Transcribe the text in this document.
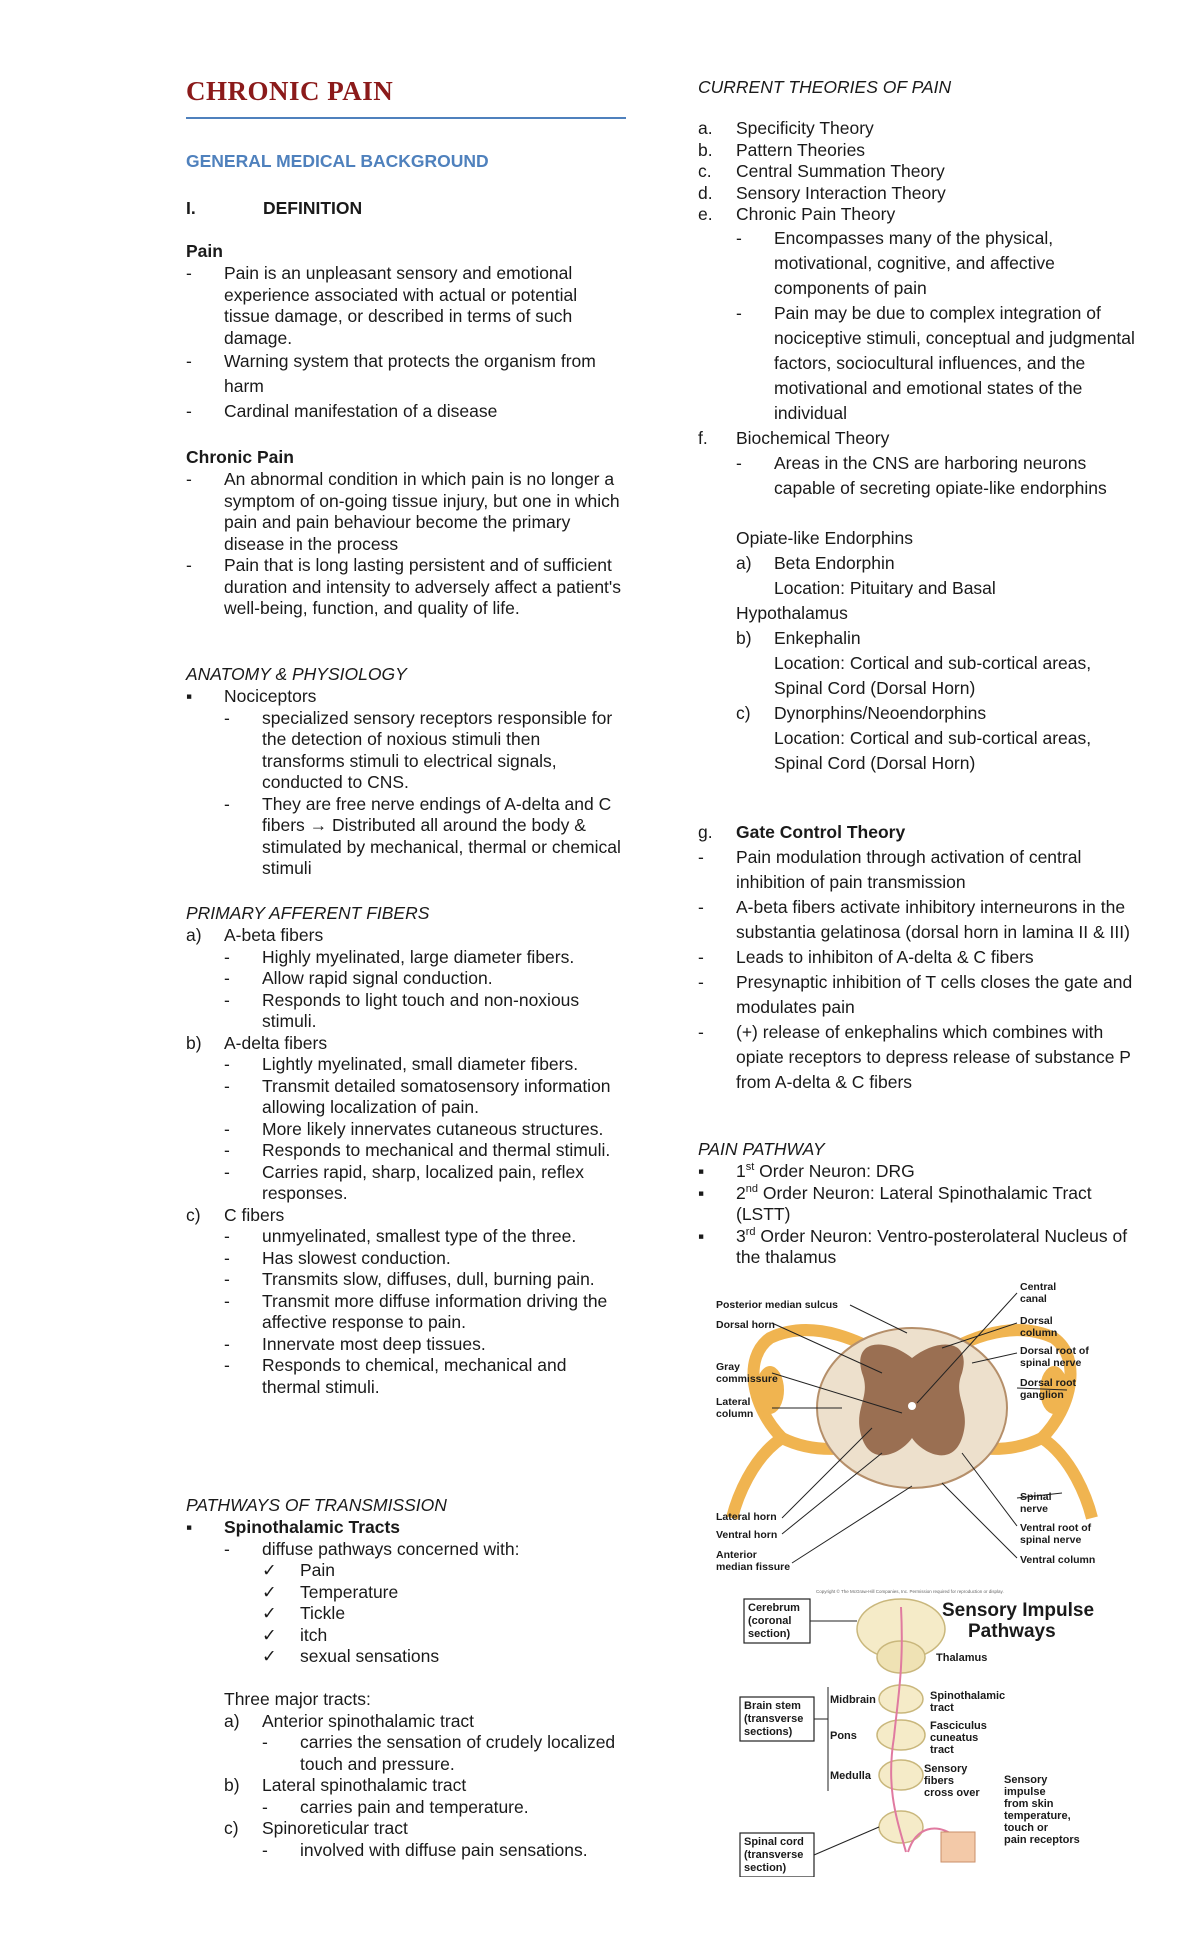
CHRONIC PAIN
GENERAL MEDICAL BACKGROUND
I.	DEFINITION
Pain
-	Pain is an unpleasant sensory and emotional experience associated with actual or potential tissue damage, or described in terms of such damage.
-	Warning system that protects the organism from harm
-	Cardinal manifestation of a disease
Chronic Pain
-	An abnormal condition in which pain is no longer a symptom of on-going tissue injury, but one in which pain and pain behaviour become the primary disease in the process
-	Pain that is long lasting persistent and of sufficient duration and intensity to adversely affect a patient's well-being, function, and quality of life.
ANATOMY & PHYSIOLOGY
▪	Nociceptors
-	specialized sensory receptors responsible for the detection of noxious stimuli then transforms stimuli to electrical signals, conducted to CNS.
-	They are free nerve endings of A-delta and C fibers → Distributed all around the body & stimulated by mechanical, thermal or chemical stimuli
PRIMARY AFFERENT FIBERS
a)	A-beta fibers
-	Highly myelinated, large diameter fibers.
-	Allow rapid signal conduction.
-	Responds to light touch and non-noxious stimuli.
b)	A-delta fibers
-	Lightly myelinated, small diameter fibers.
-	Transmit detailed somatosensory information allowing localization of pain.
-	More likely innervates cutaneous structures.
-	Responds to mechanical and thermal stimuli.
-	Carries rapid, sharp, localized pain, reflex responses.
c)	C fibers
-	unmyelinated, smallest type of the three.
-	Has slowest conduction.
-	Transmits slow, diffuses, dull, burning pain.
-	Transmit more diffuse information driving the affective response to pain.
-	Innervate most deep tissues.
-	Responds to chemical, mechanical and thermal stimuli.
PATHWAYS OF TRANSMISSION
▪	Spinothalamic Tracts
-	diffuse pathways concerned with:
✓	Pain
✓	Temperature
✓	Tickle
✓	itch
✓	sexual sensations
Three major tracts:
a)	Anterior spinothalamic tract
-	carries the sensation of crudely localized touch and pressure.
b)	Lateral spinothalamic tract
-	carries pain and temperature.
c)	Spinoreticular tract
-	involved with diffuse pain sensations.
CURRENT THEORIES OF PAIN
a.	Specificity Theory
b.	Pattern Theories
c.	Central Summation Theory
d.	Sensory Interaction Theory
e.	Chronic Pain Theory
-	Encompasses many of the physical, motivational, cognitive, and affective components of pain
-	Pain may be due to complex integration of nociceptive stimuli, conceptual and judgmental factors, sociocultural influences, and the motivational and emotional states of the individual
f.	Biochemical Theory
-	Areas in the CNS are harboring neurons capable of secreting opiate-like endorphins
Opiate-like Endorphins
a)	Beta Endorphin
Location: Pituitary and Basal
Hypothalamus
b)	Enkephalin
Location: Cortical and sub-cortical areas,
Spinal Cord (Dorsal Horn)
c)	Dynorphins/Neoendorphins
Location: Cortical and sub-cortical areas,
Spinal Cord (Dorsal Horn)
g.	Gate Control Theory
-	Pain modulation through activation of central inhibition of pain transmission
-	A-beta fibers activate inhibitory interneurons in the substantia gelatinosa (dorsal horn in lamina II & III)
-	Leads to inhibiton of A-delta & C fibers
-	Presynaptic inhibition of T cells closes the gate and modulates pain
-	(+) release of enkephalins which combines with opiate receptors to depress release of substance P from A-delta & C fibers
PAIN PATHWAY
▪	1st Order Neuron: DRG
▪	2nd Order Neuron: Lateral Spinothalamic Tract (LSTT)
▪	3rd Order Neuron: Ventro-posterolateral Nucleus of the thalamus
Posterior median sulcus
Dorsal horn
Gray
commissure
Lateral
column
Lateral horn
Ventral horn
Anterior
median fissure
Central
canal
Dorsal
column
Dorsal root of
spinal nerve
Dorsal root
ganglion
Spinal
nerve
Ventral root of
spinal nerve
Ventral column
Copyright © The McGraw-Hill Companies, Inc. Permission required for reproduction or display.
Sensory Impulse
Pathways
Cerebrum
(coronal
section)
Brain stem
(transverse
sections)
Spinal cord
(transverse
section)
Thalamus
Midbrain
Pons
Medulla
Spinothalamic
tract
Fasciculus
cuneatus
tract
Sensory
fibers
cross over
Sensory
impulse
from skin
temperature,
touch or
pain receptors
